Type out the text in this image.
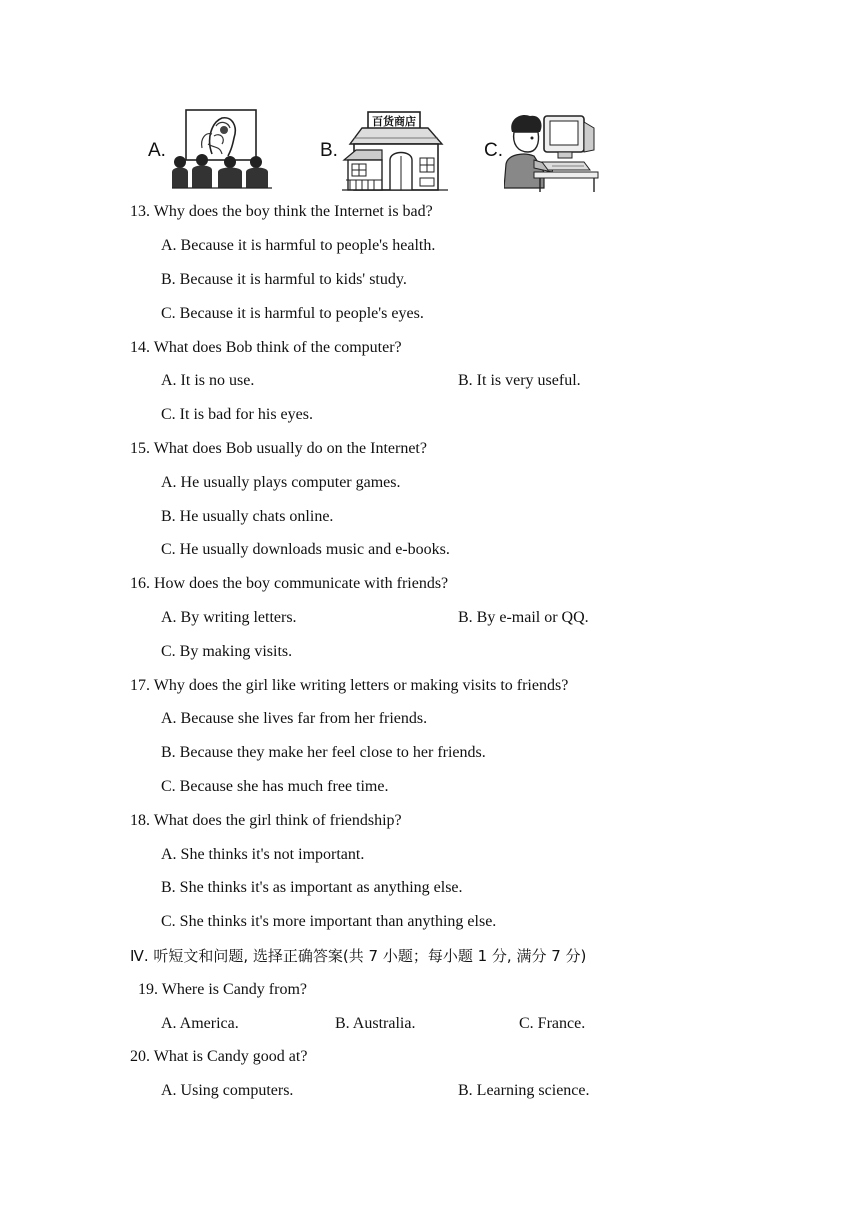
A.	B.
百货商店
C.
13. Why does the boy think the Internet is bad?
A. Because it is harmful to people's health.
B. Because it is harmful to kids' study.
C. Because it is harmful to people's eyes.
14. What does Bob think of the computer?
A. It is no use.	B. It is very useful.
C. It is bad for his eyes.
15. What does Bob usually do on the Internet?
A. He usually plays computer games.
B. He usually chats online.
C. He usually downloads music and e-books.
16. How does the boy communicate with friends?
A. By writing letters.	B. By e-mail or QQ.
C. By making visits.
17. Why does the girl like writing letters or making visits to friends?
A. Because she lives far from her friends.
B. Because they make her feel close to her friends.
C. Because she has much free time.
18. What does the girl think of friendship?
A. She thinks it's not important.
B. She thinks it's as important as anything else.
C. She thinks it's more important than anything else.
Ⅳ. 听短文和问题, 选择正确答案(共 7 小题；每小题 1 分, 满分 7 分)
19. Where is Candy from?
A. America.	B. Australia.	C. France.
20. What is Candy good at?
A. Using computers.	B. Learning science.
